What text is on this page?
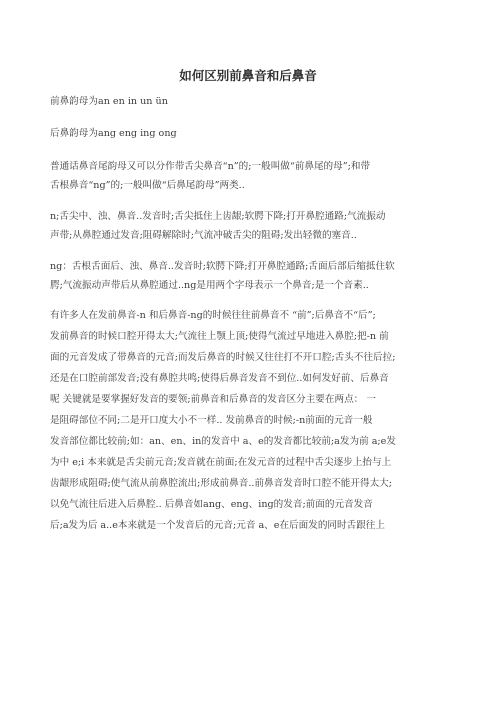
如何区别前鼻音和后鼻音
前鼻韵母为an en in un ün
后鼻韵母为ang eng ing ong
普通话鼻音尾韵母又可以分作带舌尖鼻音“n”的;一般叫做“前鼻尾的母”;和带
舌根鼻音“ng”的;一般叫做“后鼻尾韵母”两类..
n;舌尖中、浊、鼻音..发音时;舌尖抵住上齿龈;软腭下降;打开鼻腔通路;气流振动
声带;从鼻腔通过发音;阻碍解除时;气流冲破舌尖的阻碍;发出轻微的塞音..
ng：舌根舌面后、浊、鼻音..发音时;软腭下降;打开鼻腔通路;舌面后部后缩抵住软
腭;气流振动声带后从鼻腔通过..ng是用两个字母表示一个鼻音;是一个音素..
有许多人在发前鼻音-n 和后鼻音-ng的时候往往前鼻音不 “前”;后鼻音不“后”;
发前鼻音的时候口腔开得太大;气流往上颚上顶;使得气流过早地进入鼻腔;把-n 前
面的元音发成了带鼻音的元音;而发后鼻音的时候又往往打不开口腔;舌头不往后拉;
还是在口腔前部发音;没有鼻腔共鸣;使得后鼻音发音不到位..如何发好前、后鼻音
呢 关键就是要掌握好发音的要领;前鼻音和后鼻音的发音区分主要在两点： 一
是阻碍部位不同;二是开口度大小不一样.. 发前鼻音的时候;-n前面的元音一般
发音部位都比较前;如：an、en、in的发音中 a、e的发音都比较前;a发为前 a;e发
为中 e;i 本来就是舌尖前元音;发音就在前面;在发元音的过程中舌尖逐步上抬与上
齿龈形成阻碍;使气流从前鼻腔流出;形成前鼻音..前鼻音发音时口腔不能开得太大;
以免气流往后进入后鼻腔.. 后鼻音如ang、eng、ing的发音;前面的元音发音
后;a发为后 a..e本来就是一个发音后的元音;元音 a、e在后面发的同时舌跟往上
